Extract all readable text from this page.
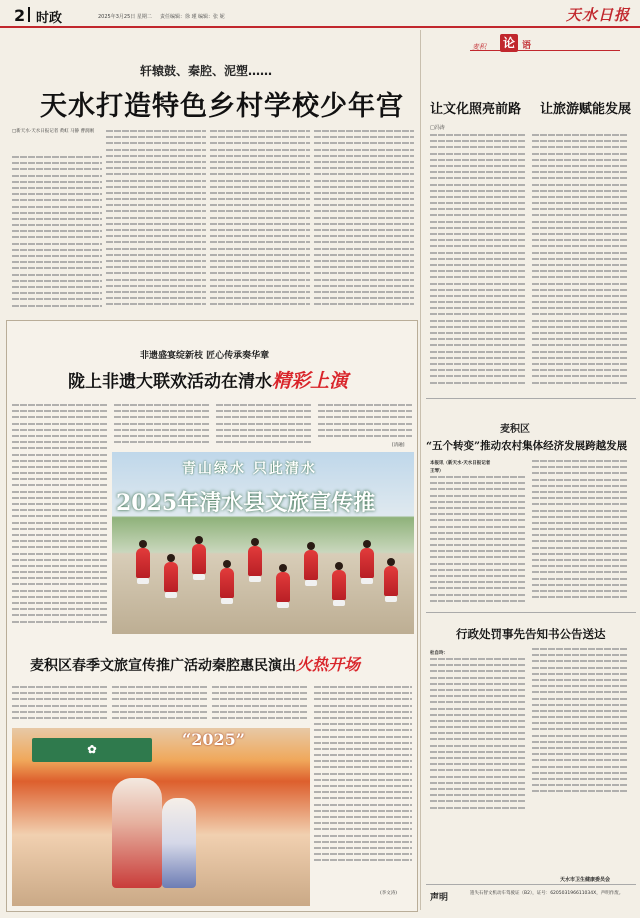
2 时政	2025年3月25日 星期二 责任编辑：徐 瑾 编辑：张 妮	天水日报
轩辕鼓、秦腔、泥塑……
天水打造特色乡村学校少年宫
□新天水·天水日报记者 黄虹 马静 曹润刚
麦积 论 语
让文化照亮前路 让旅游赋能发展
□冯涛
麦积区
“五个转变”推动农村集体经济发展跨越发展
本报讯（新天水·天水日报记者
王琴）
行政处罚事先告知书公告送达
杜自玲：
天水市卫生健康委员会
声明	遗失石智文机动车驾驶证（B2），证号：620503196611034X，声明作废。
非遗盛宴绽新枝 匠心传承奏华章
陇上非遗大联欢活动在清水精彩上演
[清融]
青山绿水 只此清水
2025年清水县文旅宣传推
麦积区春季文旅宣传推广活动秦腔惠民演出火热开场
(李文涛)
“2025”
✿
